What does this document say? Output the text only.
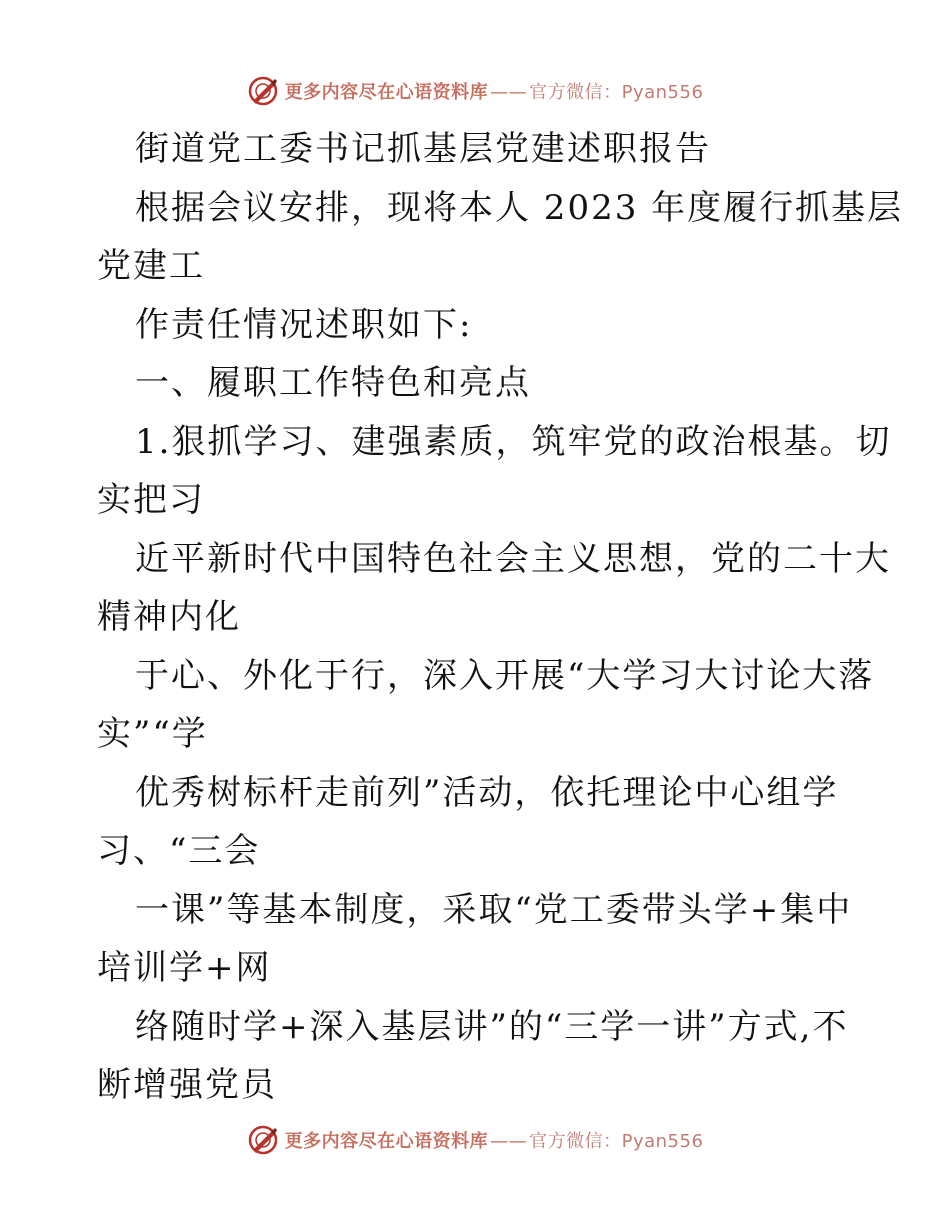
更多内容尽在心语资料库 —— 官方微信： Pyan556

街道党工委书记抓基层党建述职报告

根据会议安排，现将本人 2023 年度履行抓基层

党建工

作责任情况述职如下:

一、履职工作特色和亮点

1.狠抓学习、建强素质，筑牢党的政治根基。切

实把习

近平新时代中国特色社会主义思想，党的二十大

精神内化

于心、外化于行，深入开展“大学习大讨论大落

实”“学

优秀树标杆走前列”活动，依托理论中心组学

习、“三会

一课”等基本制度，采取“党工委带头学+集中

培训学+网

络随时学+深入基层讲”的“三学一讲”方式,不

断增强党员

更多内容尽在心语资料库 —— 官方微信： Pyan556
